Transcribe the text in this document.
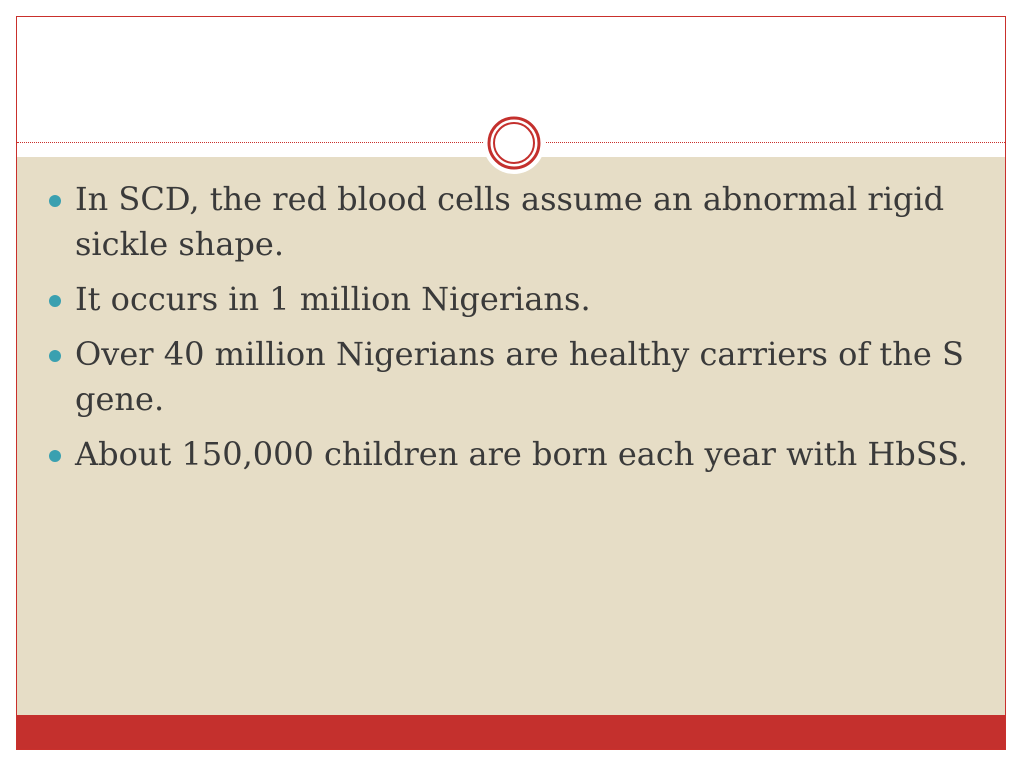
In SCD, the red blood cells assume an abnormal rigid sickle shape.
It occurs in 1 million Nigerians.
Over 40 million Nigerians are healthy carriers of the S gene.
About 150,000 children are born each year with HbSS.
